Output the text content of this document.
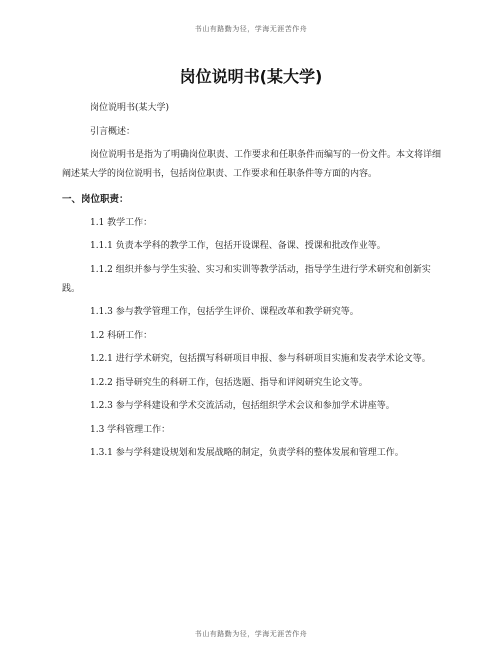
书山有路勤为径，学海无涯苦作舟
岗位说明书(某大学)

岗位说明书(某大学)

引言概述：

岗位说明书是指为了明确岗位职责、工作要求和任职条件而编写的一份文件。本文将详细阐述某大学的岗位说明书，包括岗位职责、工作要求和任职条件等方面的内容。

一、岗位职责：

1.1 教学工作：

1.1.1 负责本学科的教学工作，包括开设课程、备课、授课和批改作业等。

1.1.2 组织并参与学生实验、实习和实训等教学活动，指导学生进行学术研究和创新实践。

1.1.3 参与教学管理工作，包括学生评价、课程改革和教学研究等。

1.2 科研工作：

1.2.1 进行学术研究，包括撰写科研项目申报、参与科研项目实施和发表学术论文等。

1.2.2 指导研究生的科研工作，包括选题、指导和评阅研究生论文等。

1.2.3 参与学科建设和学术交流活动，包括组织学术会议和参加学术讲座等。

1.3 学科管理工作：

1.3.1 参与学科建设规划和发展战略的制定，负责学科的整体发展和管理工作。

书山有路勤为径，学海无涯苦作舟
